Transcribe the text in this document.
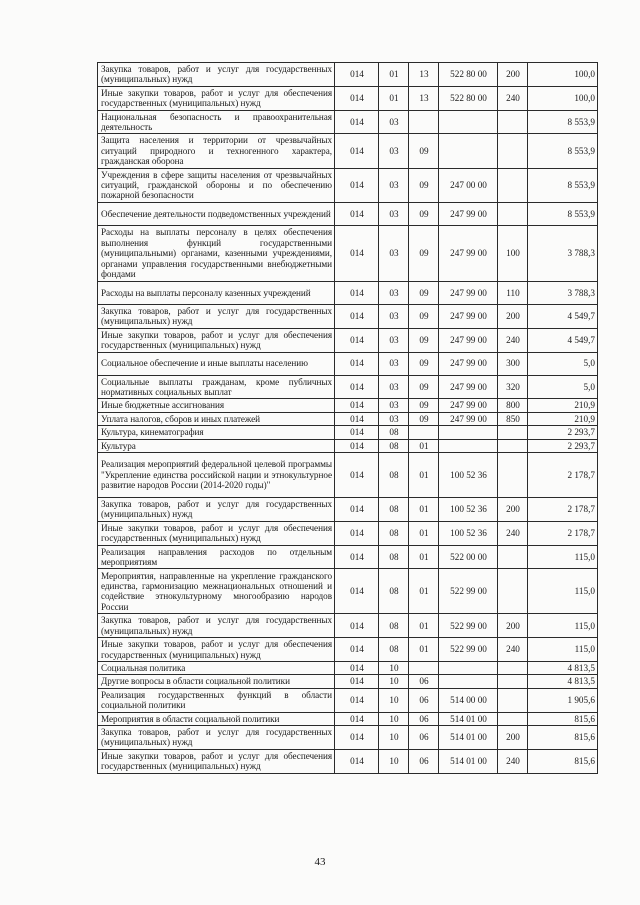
Закупка товаров, работ и услуг для государственных (муниципальных) нужд	014	01	13	522 80 00	200	100,0
Иные закупки товаров, работ и услуг для обеспечения государственных (муниципальных) нужд	014	01	13	522 80 00	240	100,0
Национальная безопасность и правоохранительная деятельность	014	03				8 553,9
Защита населения и территории от чрезвычайных ситуаций природного и техногенного характера, гражданская оборона	014	03	09			8 553,9
Учреждения в сфере защиты населения от чрезвычайных ситуаций, гражданской обороны и по обеспечению пожарной безопасности	014	03	09	247 00 00		8 553,9
Обеспечение деятельности подведомственных учреждений	014	03	09	247 99 00		8 553,9
Расходы на выплаты персоналу в целях обеспечения выполнения функций государственными (муниципальными) органами, казенными учреждениями, органами управления государственными внебюджетными фондами	014	03	09	247 99 00	100	3 788,3
Расходы на выплаты персоналу казенных учреждений	014	03	09	247 99 00	110	3 788,3
Закупка товаров, работ и услуг для государственных (муниципальных) нужд	014	03	09	247 99 00	200	4 549,7
Иные закупки товаров, работ и услуг для обеспечения государственных (муниципальных) нужд	014	03	09	247 99 00	240	4 549,7
Социальное обеспечение и иные выплаты населению	014	03	09	247 99 00	300	5,0
Социальные выплаты гражданам, кроме публичных нормативных социальных выплат	014	03	09	247 99 00	320	5,0
Иные бюджетные ассигнования	014	03	09	247 99 00	800	210,9
Уплата налогов, сборов и иных платежей	014	03	09	247 99 00	850	210,9
Культура, кинематография	014	08				2 293,7
Культура	014	08	01			2 293,7
Реализация мероприятий федеральной целевой программы "Укрепление единства российской нации и этнокультурное развитие народов России (2014-2020 годы)"	014	08	01	100 52 36		2 178,7
Закупка товаров, работ и услуг для государственных (муниципальных) нужд	014	08	01	100 52 36	200	2 178,7
Иные закупки товаров, работ и услуг для обеспечения государственных (муниципальных) нужд	014	08	01	100 52 36	240	2 178,7
Реализация направления расходов по отдельным мероприятиям	014	08	01	522 00 00		115,0
Мероприятия, направленные на укрепление гражданского единства, гармонизацию межнациональных отношений и содействие этнокультурному многообразию народов России	014	08	01	522 99 00		115,0
Закупка товаров, работ и услуг для государственных (муниципальных) нужд	014	08	01	522 99 00	200	115,0
Иные закупки товаров, работ и услуг для обеспечения государственных (муниципальных) нужд	014	08	01	522 99 00	240	115,0
Социальная политика	014	10				4 813,5
Другие вопросы в области социальной политики	014	10	06			4 813,5
Реализация государственных функций в области социальной политики	014	10	06	514 00 00		1 905,6
Мероприятия в области социальной политики	014	10	06	514 01 00		815,6
Закупка товаров, работ и услуг для государственных (муниципальных) нужд	014	10	06	514 01 00	200	815,6
Иные закупки товаров, работ и услуг для обеспечения государственных (муниципальных) нужд	014	10	06	514 01 00	240	815,6
43
